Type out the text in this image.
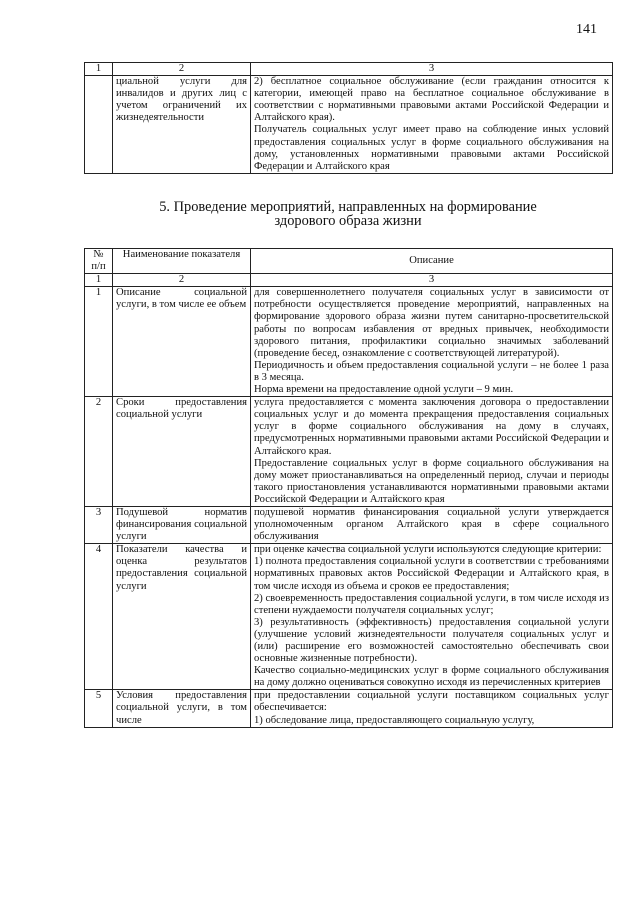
141
1	2	3
	циальной услуги для инвалидов и других лиц с учетом ограничений их жизнедеятельности	2) бесплатное социальное обслуживание (если гражданин относится к категории, имеющей право на бесплатное социальное обслуживание в соответствии с нормативными правовыми актами Российской Федерации и Алтайского края).

Получатель социальных услуг имеет право на соблюдение иных условий предоставления социальных услуг в форме социального обслуживания на дому, установленных нормативными правовыми актами Российской Федерации и Алтайского края

5. Проведение мероприятий, направленных на формирование
здорового образа жизни
№ п/п	Наименование показателя	Описание
1	2	3
1	Описание социальной услуги, в том числе ее объем	для совершеннолетнего получателя социальных услуг в зависимости от потребности осуществляется проведение мероприятий, направленных на формирование здорового образа жизни путем санитарно-просветительской работы по вопросам избавления от вредных привычек, необходимости здорового питания, профилактики социально значимых заболеваний (проведение бесед, ознакомление с соответствующей литературой).

Периодичность и объем предоставления социальной услуги – не более 1 раза в 3 месяца.

Норма времени на предоставление одной услуги – 9 мин.

2	Сроки предоставления социальной услуги	услуга предоставляется с момента заключения договора о предоставлении социальных услуг и до момента прекращения предоставления социальных услуг в форме социального обслуживания на дому в случаях, предусмотренных нормативными правовыми актами Российской Федерации и Алтайского края.

Предоставление социальных услуг в форме социального обслуживания на дому может приостанавливаться на определенный период, случаи и периоды такого приостановления устанавливаются нормативными правовыми актами Российской Федерации и Алтайского края

3	Подушевой норматив финансирования социальной услуги	подушевой норматив финансирования социальной услуги утверждается уполномоченным органом Алтайского края в сфере социального обслуживания

4	Показатели качества и оценка результатов предоставления социальной услуги	при оценке качества социальной услуги используются следующие критерии:

1) полнота предоставления социальной услуги в соответствии с требованиями нормативных правовых актов Российской Федерации и Алтайского края, в том числе исходя из объема и сроков ее предоставления;

2) своевременность предоставления социальной услуги, в том числе исходя из степени нуждаемости получателя социальных услуг;

3) результативность (эффективность) предоставления социальной услуги (улучшение условий жизнедеятельности получателя социальных услуг и (или) расширение его возможностей самостоятельно обеспечивать свои основные жизненные потребности).

Качество социально-медицинских услуг в форме социального обслуживания на дому должно оцениваться совокупно исходя из перечисленных критериев

5	Условия предоставления социальной услуги, в том числе	при предоставлении социальной услуги поставщиком социальных услуг обеспечивается:

1) обследование лица, предоставляющего социальную услугу,
